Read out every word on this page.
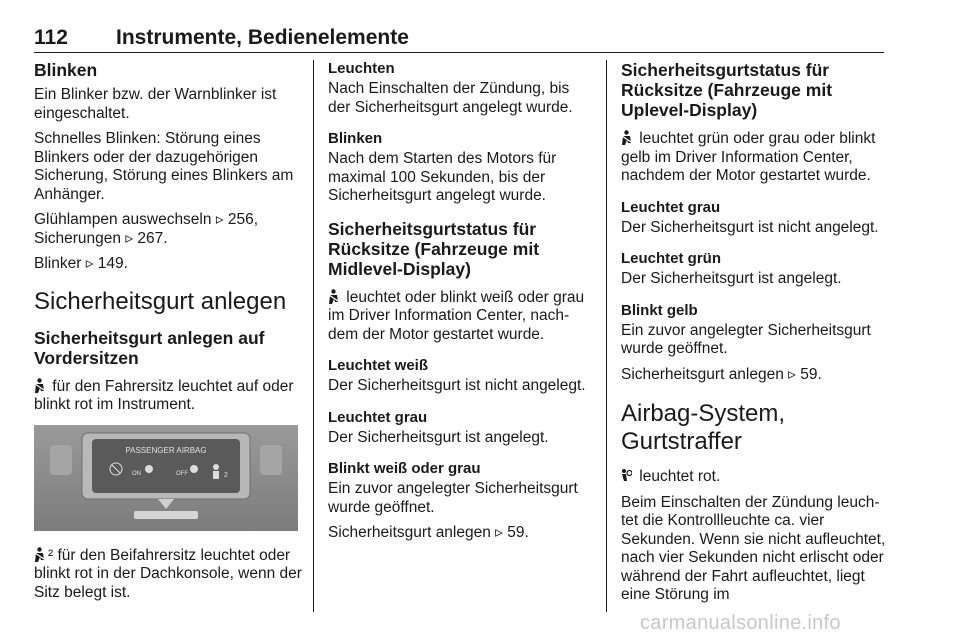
112 Instrumente, Bedienelemente
Blinken

Ein Blinker bzw. der Warnblinker ist eingeschaltet.

Schnelles Blinken: Störung eines Blinkers oder der dazugehörigen Sicherung, Störung eines Blinkers am Anhänger.

Glühlampen auswechseln ▹ 256,
Sicherungen ▹ 267.

Blinker ▹ 149.

Sicherheitsgurt anlegen
Sicherheitsgurt anlegen auf Vordersitzen

für den Fahrersitz leuchtet auf oder blinkt rot im Instrument.

PASSENGER AIRBAG
ON	OFF	2

² für den Beifahrersitz leuchtet oder blinkt rot in der Dachkonsole, wenn der Sitz belegt ist.

Leuchten

Nach Einschalten der Zündung, bis der Sicherheitsgurt angelegt wurde.

Blinken

Nach dem Starten des Motors für maximal 100 Sekunden, bis der Sicherheitsgurt angelegt wurde.

Sicherheitsgurtstatus für Rücksitze (Fahrzeuge mit Midlevel-Display)

leuchtet oder blinkt weiß oder grau im Driver Information Center, nachdem der Motor gestartet wurde.

Leuchtet weiß

Der Sicherheitsgurt ist nicht angelegt.

Leuchtet grau

Der Sicherheitsgurt ist angelegt.

Blinkt weiß oder grau

Ein zuvor angelegter Sicherheitsgurt wurde geöffnet.

Sicherheitsgurt anlegen ▹ 59.

Sicherheitsgurtstatus für Rücksitze (Fahrzeuge mit Uplevel-Display)

leuchtet grün oder grau oder blinkt gelb im Driver Information Center, nachdem der Motor gestartet wurde.

Leuchtet grau

Der Sicherheitsgurt ist nicht angelegt.

Leuchtet grün

Der Sicherheitsgurt ist angelegt.

Blinkt gelb

Ein zuvor angelegter Sicherheitsgurt wurde geöffnet.

Sicherheitsgurt anlegen ▹ 59.

Airbag-System, Gurtstraffer

leuchtet rot.

Beim Einschalten der Zündung leuchtet die Kontrollleuchte ca. vier Sekunden. Wenn sie nicht aufleuchtet, nach vier Sekunden nicht erlischt oder während der Fahrt aufleuchtet, liegt eine Störung im

carmanualsonline.info
